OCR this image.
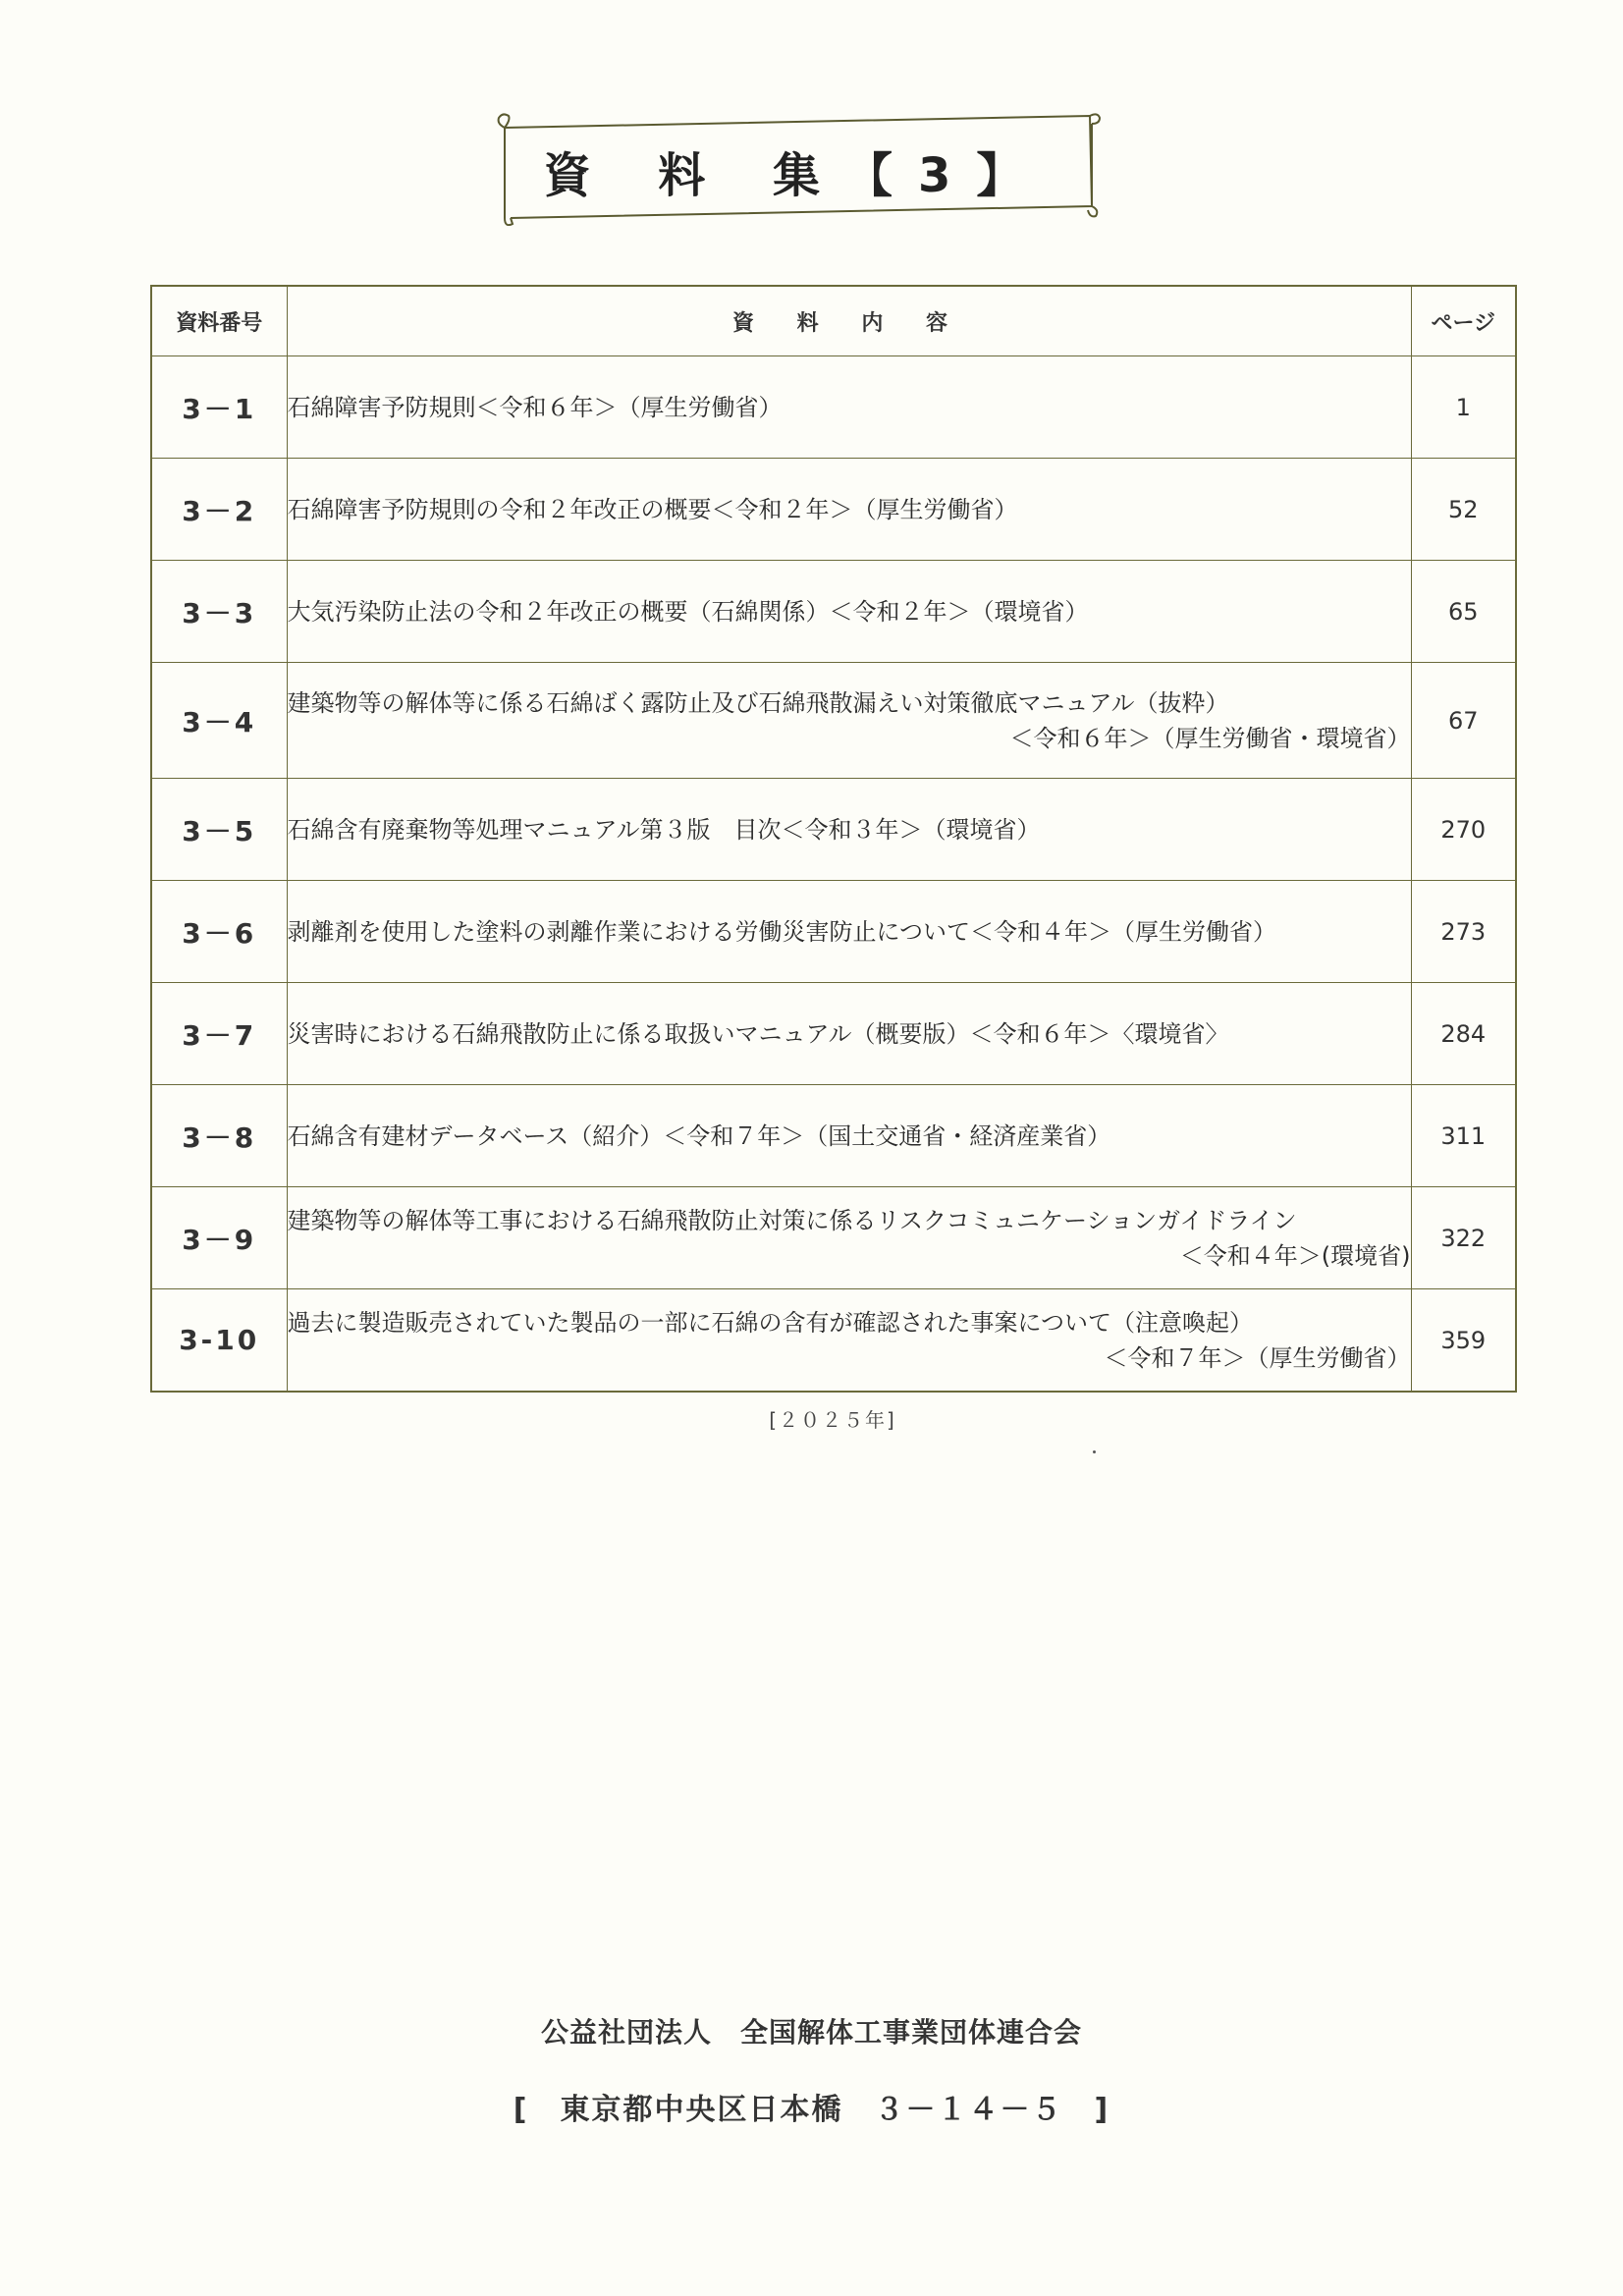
資 料 集【3】
資料番号	資 料 内 容	ページ
3－1	石綿障害予防規則＜令和６年＞（厚生労働省）	1
3－2	石綿障害予防規則の令和２年改正の概要＜令和２年＞（厚生労働省）	52
3－3	大気汚染防止法の令和２年改正の概要（石綿関係）＜令和２年＞（環境省）	65
3－4	建築物等の解体等に係る石綿ばく露防止及び石綿飛散漏えい対策徹底マニュアル（抜粋）
＜令和６年＞（厚生労働省・環境省）	67
3－5	石綿含有廃棄物等処理マニュアル第３版　目次＜令和３年＞（環境省）	270
3－6	剥離剤を使用した塗料の剥離作業における労働災害防止について＜令和４年＞（厚生労働省）	273
3－7	災害時における石綿飛散防止に係る取扱いマニュアル（概要版）＜令和６年＞〈環境省〉	284
3－8	石綿含有建材データベース（紹介）＜令和７年＞（国土交通省・経済産業省）	311
3－9	建築物等の解体等工事における石綿飛散防止対策に係るリスクコミュニケーションガイドライン
＜令和４年＞(環境省)	322
3-10	過去に製造販売されていた製品の一部に石綿の含有が確認された事案について（注意喚起）
＜令和７年＞（厚生労働省）	359
[２０２５年]
公益社団法人　全国解体工事業団体連合会
[　東京都中央区日本橋　３－１４－５　]
